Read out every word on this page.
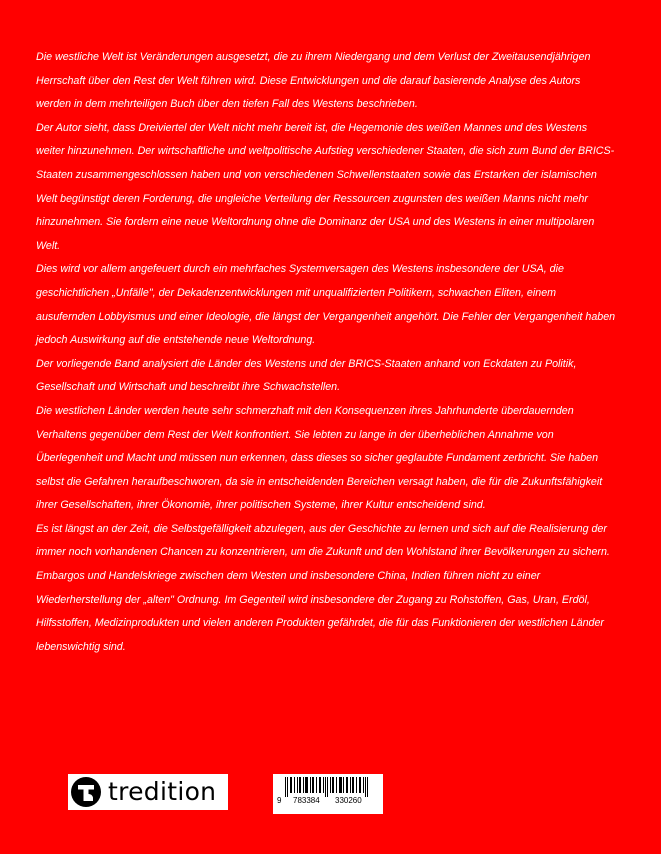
Die westliche Welt ist Veränderungen ausgesetzt, die zu ihrem Niedergang und dem Verlust der Zweitausendjährigen Herrschaft über den Rest der Welt führen wird. Diese Entwicklungen und die darauf basierende Analyse des Autors werden in dem mehrteiligen Buch über den tiefen Fall des Westens beschrieben.

Der Autor sieht, dass Dreiviertel der Welt nicht mehr bereit ist, die Hegemonie des weißen Mannes und des Westens weiter hinzunehmen. Der wirtschaftliche und weltpolitische Aufstieg verschiedener Staaten, die sich zum Bund der BRICS-Staaten zusammengeschlossen haben und von verschiedenen Schwellenstaaten sowie das Erstarken der islamischen Welt begünstigt deren Forderung, die ungleiche Verteilung der Ressourcen zugunsten des weißen Manns nicht mehr hinzunehmen. Sie fordern eine neue Weltordnung ohne die Dominanz der USA und des Westens in einer multipolaren Welt.

Dies wird vor allem angefeuert durch ein mehrfaches Systemversagen des Westens insbesondere der USA, die geschichtlichen „Unfälle", der Dekadenzentwicklungen mit unqualifizierten Politikern, schwachen Eliten, einem ausufernden Lobbyismus und einer Ideologie, die längst der Vergangenheit angehört. Die Fehler der Vergangenheit haben jedoch Auswirkung auf die entstehende neue Weltordnung.

Der vorliegende Band analysiert die Länder des Westens und der BRICS-Staaten anhand von Eckdaten zu Politik, Gesellschaft und Wirtschaft und beschreibt ihre Schwachstellen.

Die westlichen Länder werden heute sehr schmerzhaft mit den Konsequenzen ihres Jahrhunderte überdauernden Verhaltens gegenüber dem Rest der Welt konfrontiert. Sie lebten zu lange in der überheblichen Annahme von Überlegenheit und Macht und müssen nun erkennen, dass dieses so sicher geglaubte Fundament zerbricht. Sie haben selbst die Gefahren heraufbeschworen, da sie in entscheidenden Bereichen versagt haben, die für die Zukunftsfähigkeit ihrer Gesellschaften, ihrer Ökonomie, ihrer politischen Systeme, ihrer Kultur entscheidend sind.

Es ist längst an der Zeit, die Selbstgefälligkeit abzulegen, aus der Geschichte zu lernen und sich auf die Realisierung der immer noch vorhandenen Chancen zu konzentrieren, um die Zukunft und den Wohlstand ihrer Bevölkerungen zu sichern.

Embargos und Handelskriege zwischen dem Westen und insbesondere China, Indien führen nicht zu einer Wiederherstellung der „alten" Ordnung. Im Gegenteil wird insbesondere der Zugang zu Rohstoffen, Gas, Uran, Erdöl, Hilfsstoffen, Medizinprodukten und vielen anderen Produkten gefährdet, die für das Funktionieren der westlichen Länder lebenswichtig sind.

tredition	9 783384 330260
